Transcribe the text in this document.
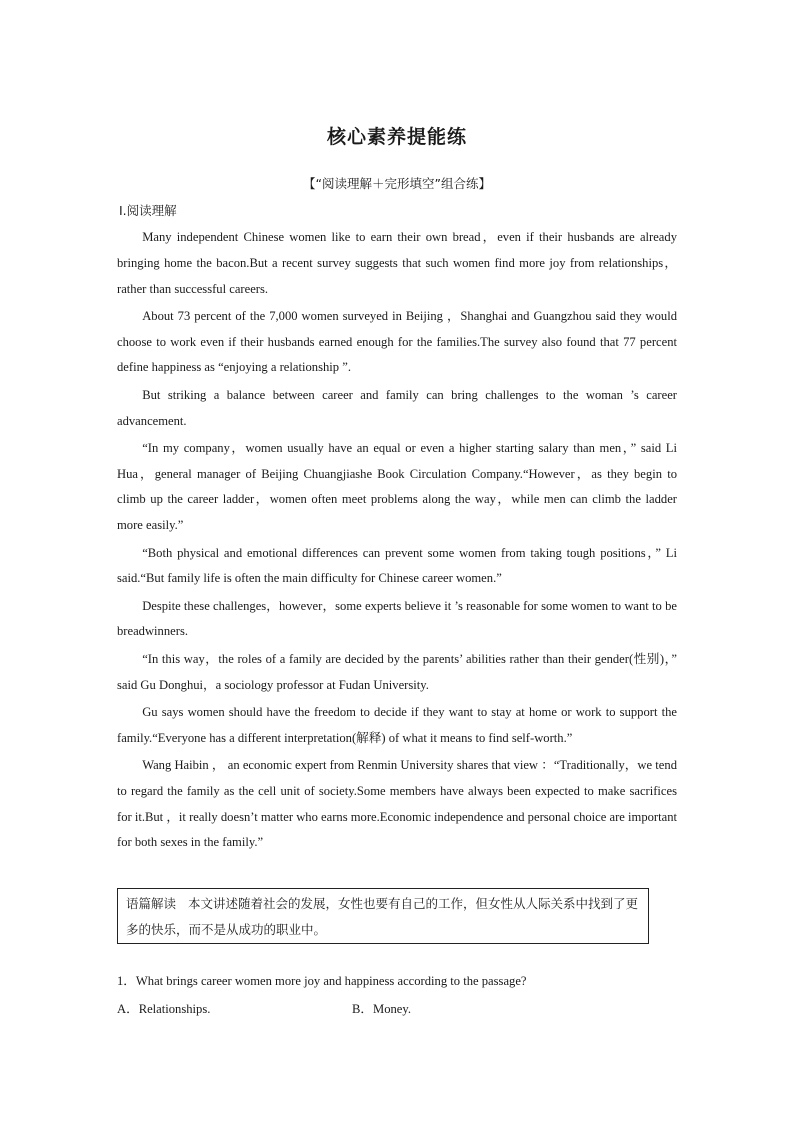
核心素养提能练
【“阅读理解＋完形填空”组合练】
Ⅰ.阅读理解

Many independent Chinese women like to earn their own bread，even if their husbands are already bringing home the bacon.But a recent survey suggests that such women find more joy from relationships，rather than successful careers.

About 73 percent of the 7,000 women surveyed in Beijing ，Shanghai and Guangzhou said they would choose to work even if their husbands earned enough for the families.The survey also found that 77 percent define happiness as “enjoying a relationship ”.

But striking a balance between career and family can bring challenges to the woman ’s career advancement.

“In my company，women usually have an equal or even a higher starting salary than men，” said Li Hua，general manager of Beijing Chuangjiashe Book Circulation Company.“However，as they begin to climb up the career ladder，women often meet problems along the way，while men can climb the ladder more easily.”

“Both physical and emotional differences can prevent some women from taking tough positions，” Li said.“But family life is often the main difficulty for Chinese career women.”

Despite these challenges，however，some experts believe it ’s reasonable for some women to want to be breadwinners.

“In this way，the roles of a family are decided by the parents’ abilities rather than their gender(性别)，” said Gu Donghui，a sociology professor at Fudan University.

Gu says women should have the freedom to decide if they want to stay at home or work to support the family.“Everyone has a different interpretation(解释) of what it means to find self-worth.”

Wang Haibin ， an economic expert from Renmin University shares that view ：“Traditionally，we tend to regard the family as the cell unit of society.Some members have always been expected to make sacrifices for it.But ，it really doesn’t matter who earns more.Economic independence and personal choice are important for both sexes in the family.”

语篇解读 本文讲述随着社会的发展，女性也要有自己的工作，但女性从人际关系中找到了更多的快乐，而不是从成功的职业中。
1．What brings career women more joy and happiness according to the passage?
A．Relationships.	B．Money.
